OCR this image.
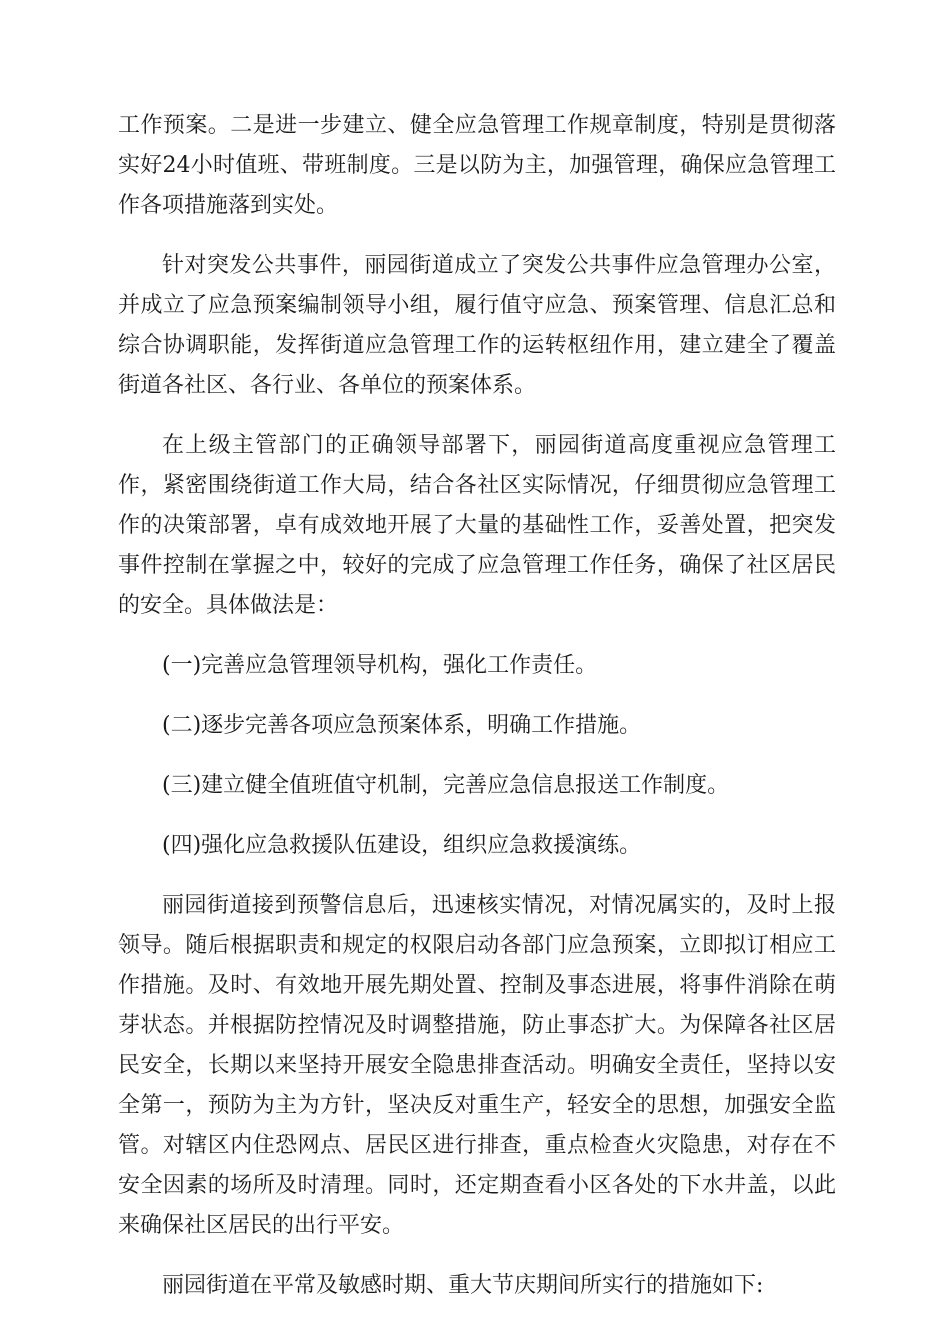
工作预案。二是进一步建立、健全应急管理工作规章制度，特别是贯彻落实好24小时值班、带班制度。三是以防为主，加强管理，确保应急管理工作各项措施落到实处。

针对突发公共事件，丽园街道成立了突发公共事件应急管理办公室，并成立了应急预案编制领导小组，履行值守应急、预案管理、信息汇总和综合协调职能，发挥街道应急管理工作的运转枢纽作用，建立建全了覆盖街道各社区、各行业、各单位的预案体系。

在上级主管部门的正确领导部署下，丽园街道高度重视应急管理工作，紧密围绕街道工作大局，结合各社区实际情况，仔细贯彻应急管理工作的决策部署，卓有成效地开展了大量的基础性工作，妥善处置，把突发事件控制在掌握之中，较好的完成了应急管理工作任务，确保了社区居民的安全。具体做法是：

(一)完善应急管理领导机构，强化工作责任。

(二)逐步完善各项应急预案体系，明确工作措施。

(三)建立健全值班值守机制，完善应急信息报送工作制度。

(四)强化应急救援队伍建设，组织应急救援演练。

丽园街道接到预警信息后，迅速核实情况，对情况属实的，及时上报领导。随后根据职责和规定的权限启动各部门应急预案，立即拟订相应工作措施。及时、有效地开展先期处置、控制及事态进展，将事件消除在萌芽状态。并根据防控情况及时调整措施，防止事态扩大。为保障各社区居民安全，长期以来坚持开展安全隐患排查活动。明确安全责任，坚持以安全第一，预防为主为方针，坚决反对重生产，轻安全的思想，加强安全监管。对辖区内住恐网点、居民区进行排查，重点检查火灾隐患，对存在不安全因素的场所及时清理。同时，还定期查看小区各处的下水井盖，以此来确保社区居民的出行平安。

丽园街道在平常及敏感时期、重大节庆期间所实行的措施如下:
